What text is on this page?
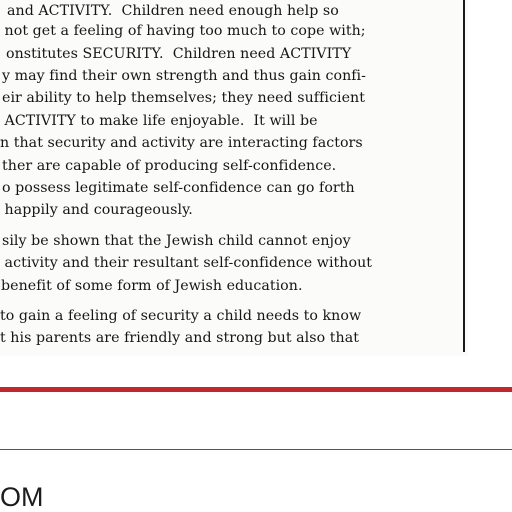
and ACTIVITY.  Children need enough help so
not get a feeling of having too much to cope with;
onstitutes SECURITY.  Children need ACTIVITY
y may find their own strength and thus gain confi-
eir ability to help themselves; they need sufficient
ACTIVITY to make life enjoyable.  It will be
n that security and activity are interacting factors
ther are capable of producing self-confidence.
o possess legitimate self-confidence can go forth
happily and courageously.
sily be shown that the Jewish child cannot enjoy
activity and their resultant self-confidence without
benefit of some form of Jewish education.
to gain a feeling of security a child needs to know
t his parents are friendly and strong but also that
OM
